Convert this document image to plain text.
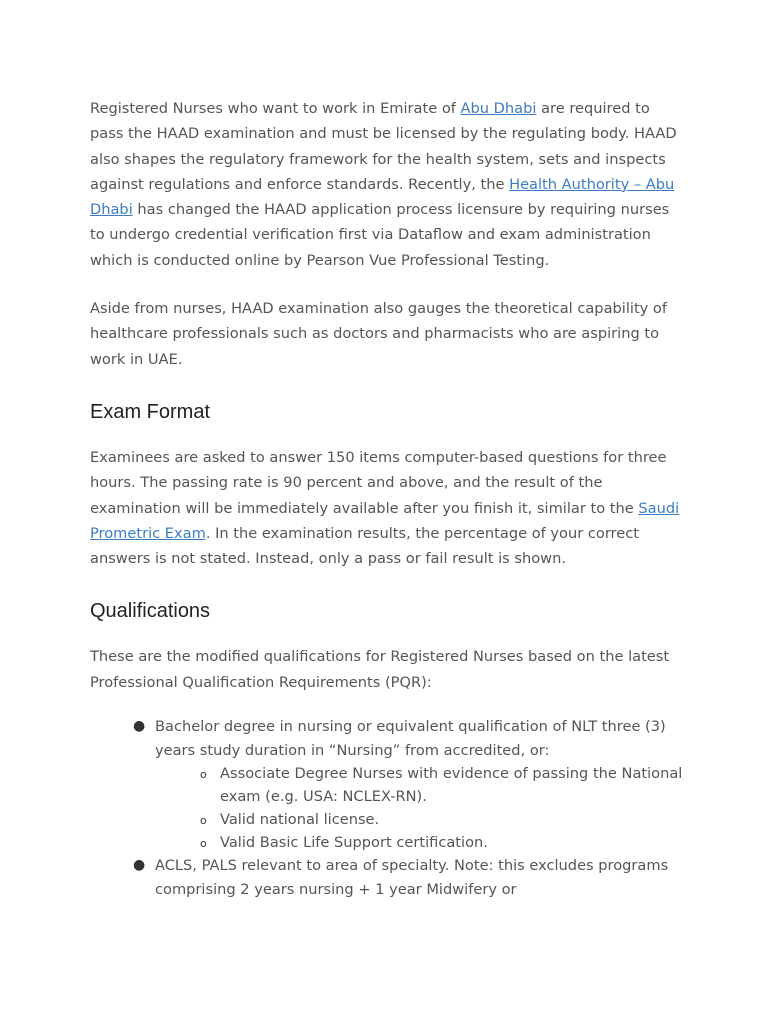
Registered Nurses who want to work in Emirate of Abu Dhabi are required to pass the HAAD examination and must be licensed by the regulating body. HAAD also shapes the regulatory framework for the health system, sets and inspects against regulations and enforce standards. Recently, the Health Authority – Abu Dhabi has changed the HAAD application process licensure by requiring nurses to undergo credential verification first via Dataflow and exam administration which is conducted online by Pearson Vue Professional Testing.

Aside from nurses, HAAD examination also gauges the theoretical capability of healthcare professionals such as doctors and pharmacists who are aspiring to work in UAE.

Exam Format

Examinees are asked to answer 150 items computer-based questions for three hours. The passing rate is 90 percent and above, and the result of the examination will be immediately available after you finish it, similar to the Saudi Prometric Exam. In the examination results, the percentage of your correct answers is not stated. Instead, only a pass or fail result is shown.

Qualifications

These are the modified qualifications for Registered Nurses based on the latest Professional Qualification Requirements (PQR):

● Bachelor degree in nursing or equivalent qualification of NLT three (3) years study duration in “Nursing” from accredited, or:
o Associate Degree Nurses with evidence of passing the National exam (e.g. USA: NCLEX-RN).
o Valid national license.
o Valid Basic Life Support certification.
● ACLS, PALS relevant to area of specialty. Note: this excludes programs comprising 2 years nursing + 1 year Midwifery or
